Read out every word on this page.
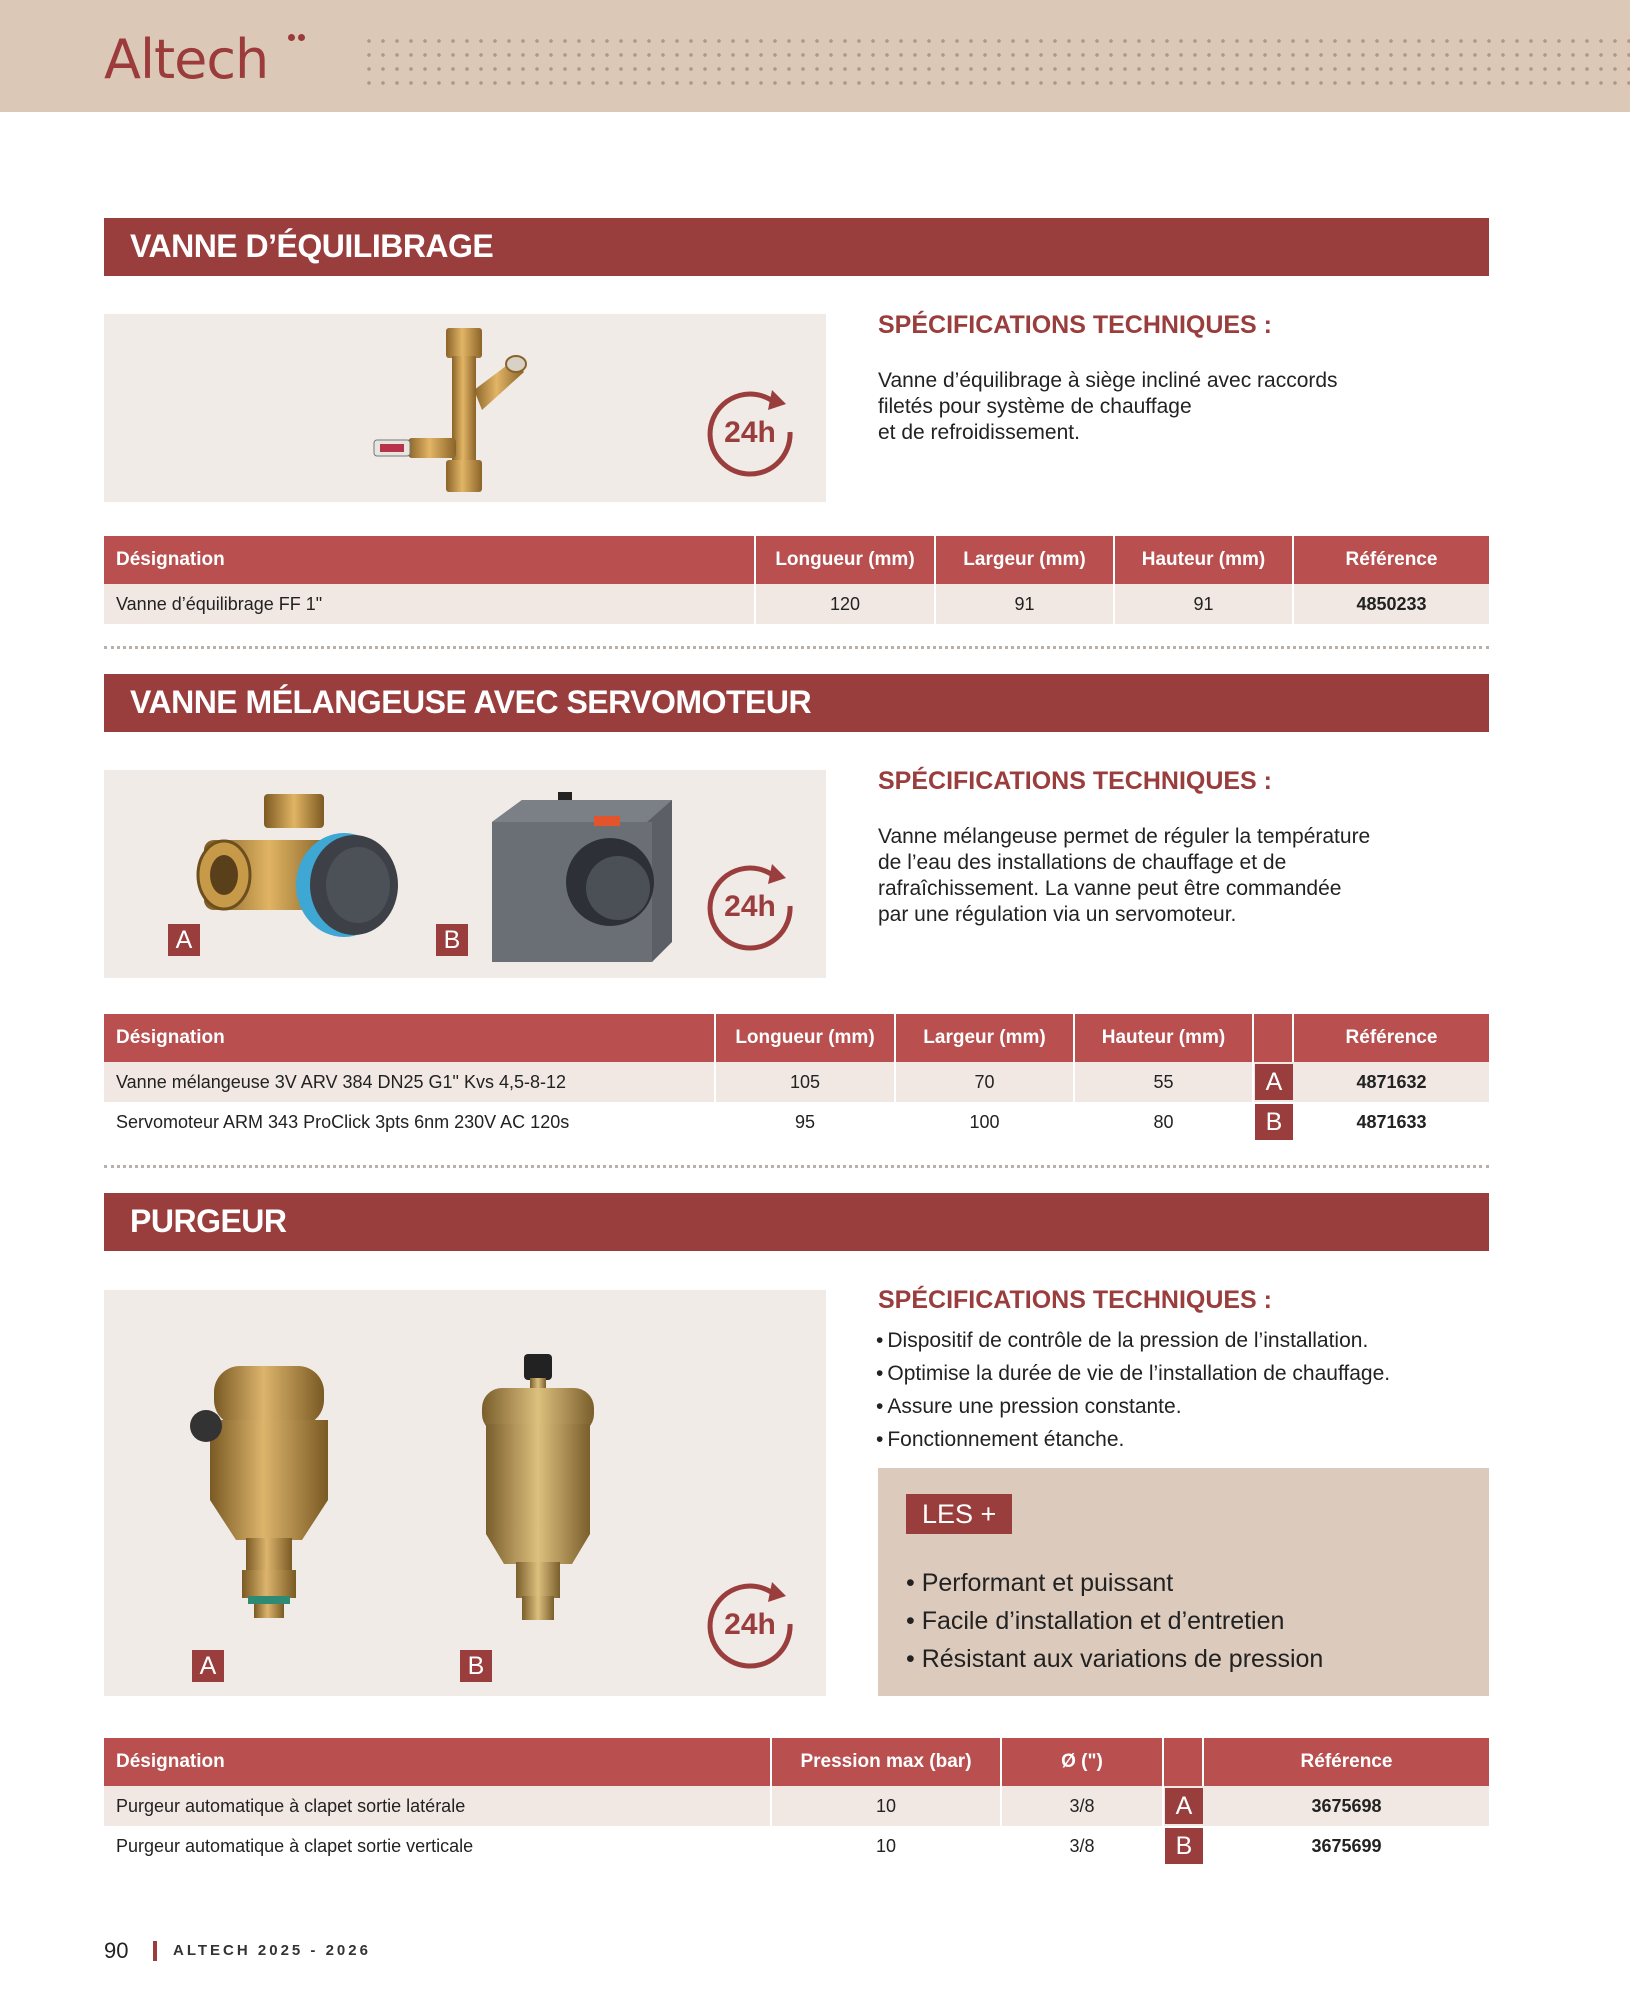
Altech
VANNE D’ÉQUILIBRAGE
24h
SPÉCIFICATIONS TECHNIQUES :
Vanne d’équilibrage à siège incliné avec raccords
filetés pour système de chauffage
et de refroidissement.
Désignation	Longueur (mm)	Largeur (mm)	Hauteur (mm)	Référence
Vanne d’équilibrage FF 1"	120	91	91	4850233
VANNE MÉLANGEUSE AVEC SERVOMOTEUR
A	B
24h
SPÉCIFICATIONS TECHNIQUES :
Vanne mélangeuse permet de réguler la température
de l’eau des installations de chauffage et de
rafraîchissement. La vanne peut être commandée
par une régulation via un servomoteur.
Désignation	Longueur (mm)	Largeur (mm)	Hauteur (mm)	Référence
Vanne mélangeuse 3V ARV 384 DN25 G1" Kvs 4,5-8-12	105	70	55	A	4871632
Servomoteur ARM 343 ProClick 3pts 6nm 230V AC 120s	95	100	80	B	4871633
PURGEUR
A	B
24h
SPÉCIFICATIONS TECHNIQUES :
• Dispositif de contrôle de la pression de l’installation.
• Optimise la durée de vie de l’installation de chauffage.
• Assure une pression constante.
• Fonctionnement étanche.
LES +
• Performant et puissant
• Facile d’installation et d’entretien
• Résistant aux variations de pression
Désignation	Pression max (bar)	Ø (")	Référence
Purgeur automatique à clapet sortie latérale	10	3/8	A	3675698
Purgeur automatique à clapet sortie verticale	10	3/8	B	3675699
90	ALTECH 2025 - 2026
